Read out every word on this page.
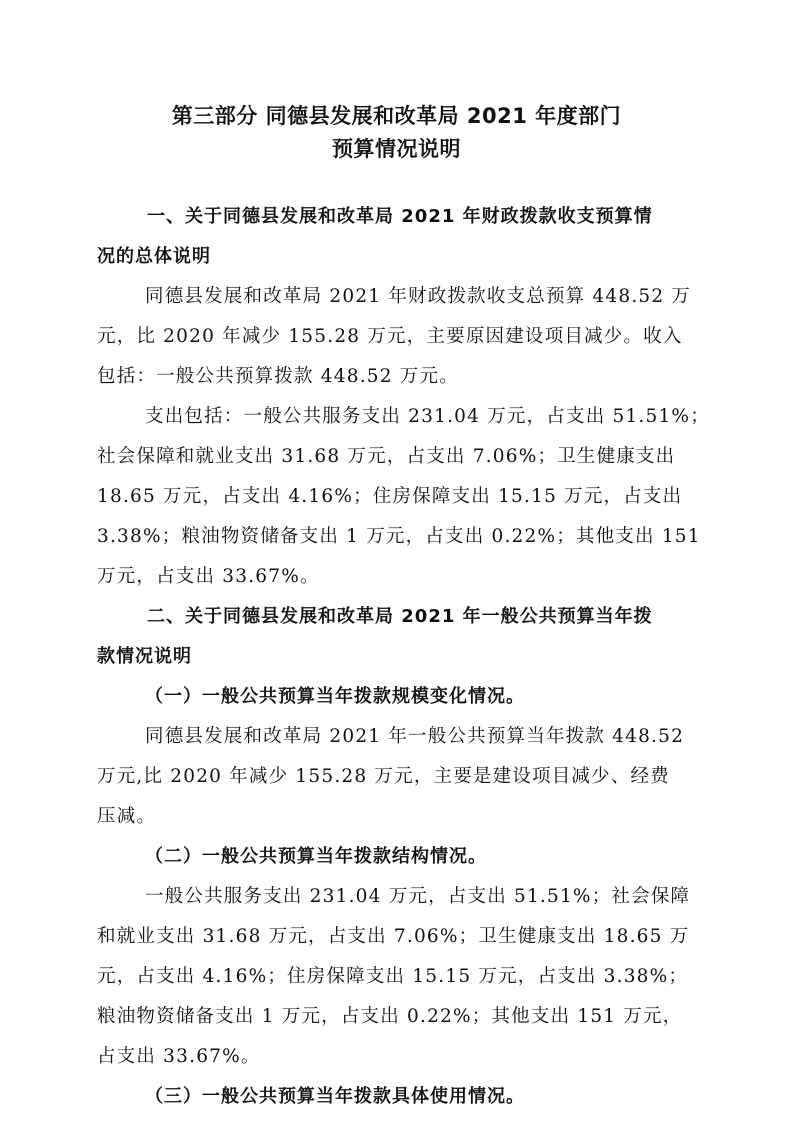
第三部分 同德县发展和改革局 2021 年度部门
预算情况说明
一、关于同德县发展和改革局 2021 年财政拨款收支预算情
况的总体说明
同德县发展和改革局 2021 年财政拨款收支总预算 448.52 万
元，比 2020 年减少 155.28 万元，主要原因建设项目减少。收入
包括：一般公共预算拨款 448.52 万元。
支出包括：一般公共服务支出 231.04 万元，占支出 51.51%；
社会保障和就业支出 31.68 万元，占支出 7.06%；卫生健康支出
18.65 万元，占支出 4.16%；住房保障支出 15.15 万元，占支出
3.38%；粮油物资储备支出 1 万元，占支出 0.22%；其他支出 151
万元，占支出 33.67%。
二、关于同德县发展和改革局 2021 年一般公共预算当年拨
款情况说明
（一）一般公共预算当年拨款规模变化情况。
同德县发展和改革局 2021 年一般公共预算当年拨款 448.52
万元,比 2020 年减少 155.28 万元，主要是建设项目减少、经费
压减。
（二）一般公共预算当年拨款结构情况。
一般公共服务支出 231.04 万元，占支出 51.51%；社会保障
和就业支出 31.68 万元，占支出 7.06%；卫生健康支出 18.65 万
元，占支出 4.16%；住房保障支出 15.15 万元，占支出 3.38%；
粮油物资储备支出 1 万元，占支出 0.22%；其他支出 151 万元，
占支出 33.67%。
（三）一般公共预算当年拨款具体使用情况。
